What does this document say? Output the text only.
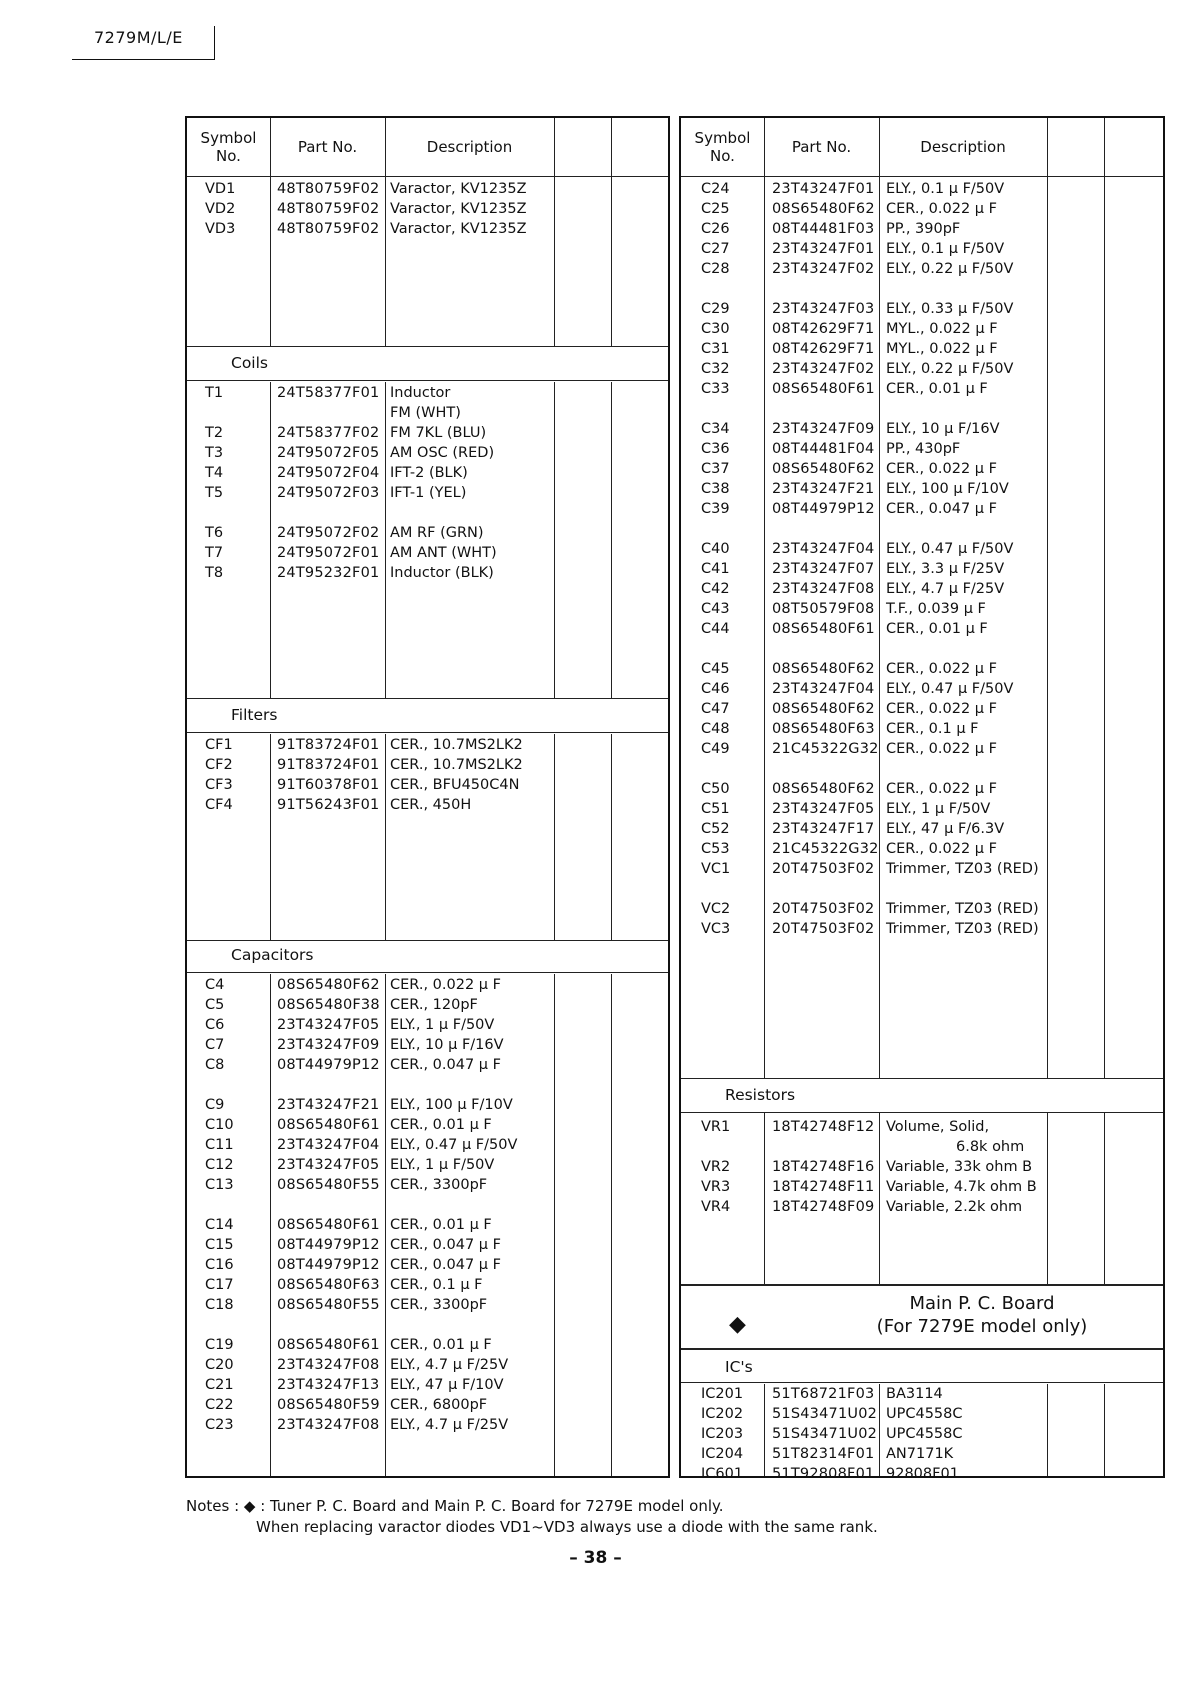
7279M/L/E
Symbol No.	Part No.	Description
VD1	48T80759F02 Varactor, KV1235Z
VD2	48T80759F02 Varactor, KV1235Z
VD3	48T80759F02 Varactor, KV1235Z
Coils
T1	24T58377F01 Inductor
FM (WHT)
T2	24T58377F02 FM 7KL (BLU)
T3	24T95072F05 AM OSC (RED)
T4	24T95072F04 IFT-2 (BLK)
T5	24T95072F03 IFT-1 (YEL)
T6	24T95072F02 AM RF (GRN)
T7	24T95072F01 AM ANT (WHT)
T8	24T95232F01 Inductor (BLK)
Filters
CF1	91T83724F01 CER., 10.7MS2LK2
CF2	91T83724F01 CER., 10.7MS2LK2
CF3	91T60378F01 CER., BFU450C4N
CF4	91T56243F01 CER., 450H
Capacitors
C4	08S65480F62 CER., 0.022 μ F
C5	08S65480F38 CER., 120pF
C6	23T43247F05 ELY., 1 μ F/50V
C7	23T43247F09 ELY., 10 μ F/16V
C8	08T44979P12 CER., 0.047 μ F
C9	23T43247F21 ELY., 100 μ F/10V
C10	08S65480F61 CER., 0.01 μ F
C11	23T43247F04 ELY., 0.47 μ F/50V
C12	23T43247F05 ELY., 1 μ F/50V
C13	08S65480F55 CER., 3300pF
C14	08S65480F61 CER., 0.01 μ F
C15	08T44979P12 CER., 0.047 μ F
C16	08T44979P12 CER., 0.047 μ F
C17	08S65480F63 CER., 0.1 μ F
C18	08S65480F55 CER., 3300pF
C19	08S65480F61 CER., 0.01 μ F
C20	23T43247F08 ELY., 4.7 μ F/25V
C21	23T43247F13 ELY., 47 μ F/10V
C22	08S65480F59 CER., 6800pF
C23	23T43247F08 ELY., 4.7 μ F/25V
Symbol No.	Part No.	Description
C24	23T43247F01 ELY., 0.1 μ F/50V
C25	08S65480F62 CER., 0.022 μ F
C26	08T44481F03 PP., 390pF
C27	23T43247F01 ELY., 0.1 μ F/50V
C28	23T43247F02 ELY., 0.22 μ F/50V
C29	23T43247F03 ELY., 0.33 μ F/50V
C30	08T42629F71 MYL., 0.022 μ F
C31	08T42629F71 MYL., 0.022 μ F
C32	23T43247F02 ELY., 0.22 μ F/50V
C33	08S65480F61 CER., 0.01 μ F
C34	23T43247F09 ELY., 10 μ F/16V
C36	08T44481F04 PP., 430pF
C37	08S65480F62 CER., 0.022 μ F
C38	23T43247F21 ELY., 100 μ F/10V
C39	08T44979P12 CER., 0.047 μ F
C40	23T43247F04 ELY., 0.47 μ F/50V
C41	23T43247F07 ELY., 3.3 μ F/25V
C42	23T43247F08 ELY., 4.7 μ F/25V
C43	08T50579F08 T.F., 0.039 μ F
C44	08S65480F61 CER., 0.01 μ F
C45	08S65480F62 CER., 0.022 μ F
C46	23T43247F04 ELY., 0.47 μ F/50V
C47	08S65480F62 CER., 0.022 μ F
C48	08S65480F63 CER., 0.1 μ F
C49	21C45322G32 CER., 0.022 μ F
C50	08S65480F62 CER., 0.022 μ F
C51	23T43247F05 ELY., 1 μ F/50V
C52	23T43247F17 ELY., 47 μ F/6.3V
C53	21C45322G32 CER., 0.022 μ F
VC1	20T47503F02 Trimmer, TZ03 (RED)
VC2	20T47503F02 Trimmer, TZ03 (RED)
VC3	20T47503F02 Trimmer, TZ03 (RED)
Resistors
VR1	18T42748F12 Volume, Solid,
6.8k ohm
VR2	18T42748F16 Variable, 33k ohm B
VR3	18T42748F11 Variable, 4.7k ohm B
VR4	18T42748F09 Variable, 2.2k ohm
Main P. C. Board
(For 7279E model only)
◆
IC's
IC201 51T68721F03 BA3114
IC202 51S43471U02 UPC4558C
IC203 51S43471U02 UPC4558C
IC204 51T82314F01 AN7171K
IC601 51T92808F01 92808F01
Notes : ◆ : Tuner P. C. Board and Main P. C. Board for 7279E model only.
When replacing varactor diodes VD1~VD3 always use a diode with the same rank.
– 38 –
